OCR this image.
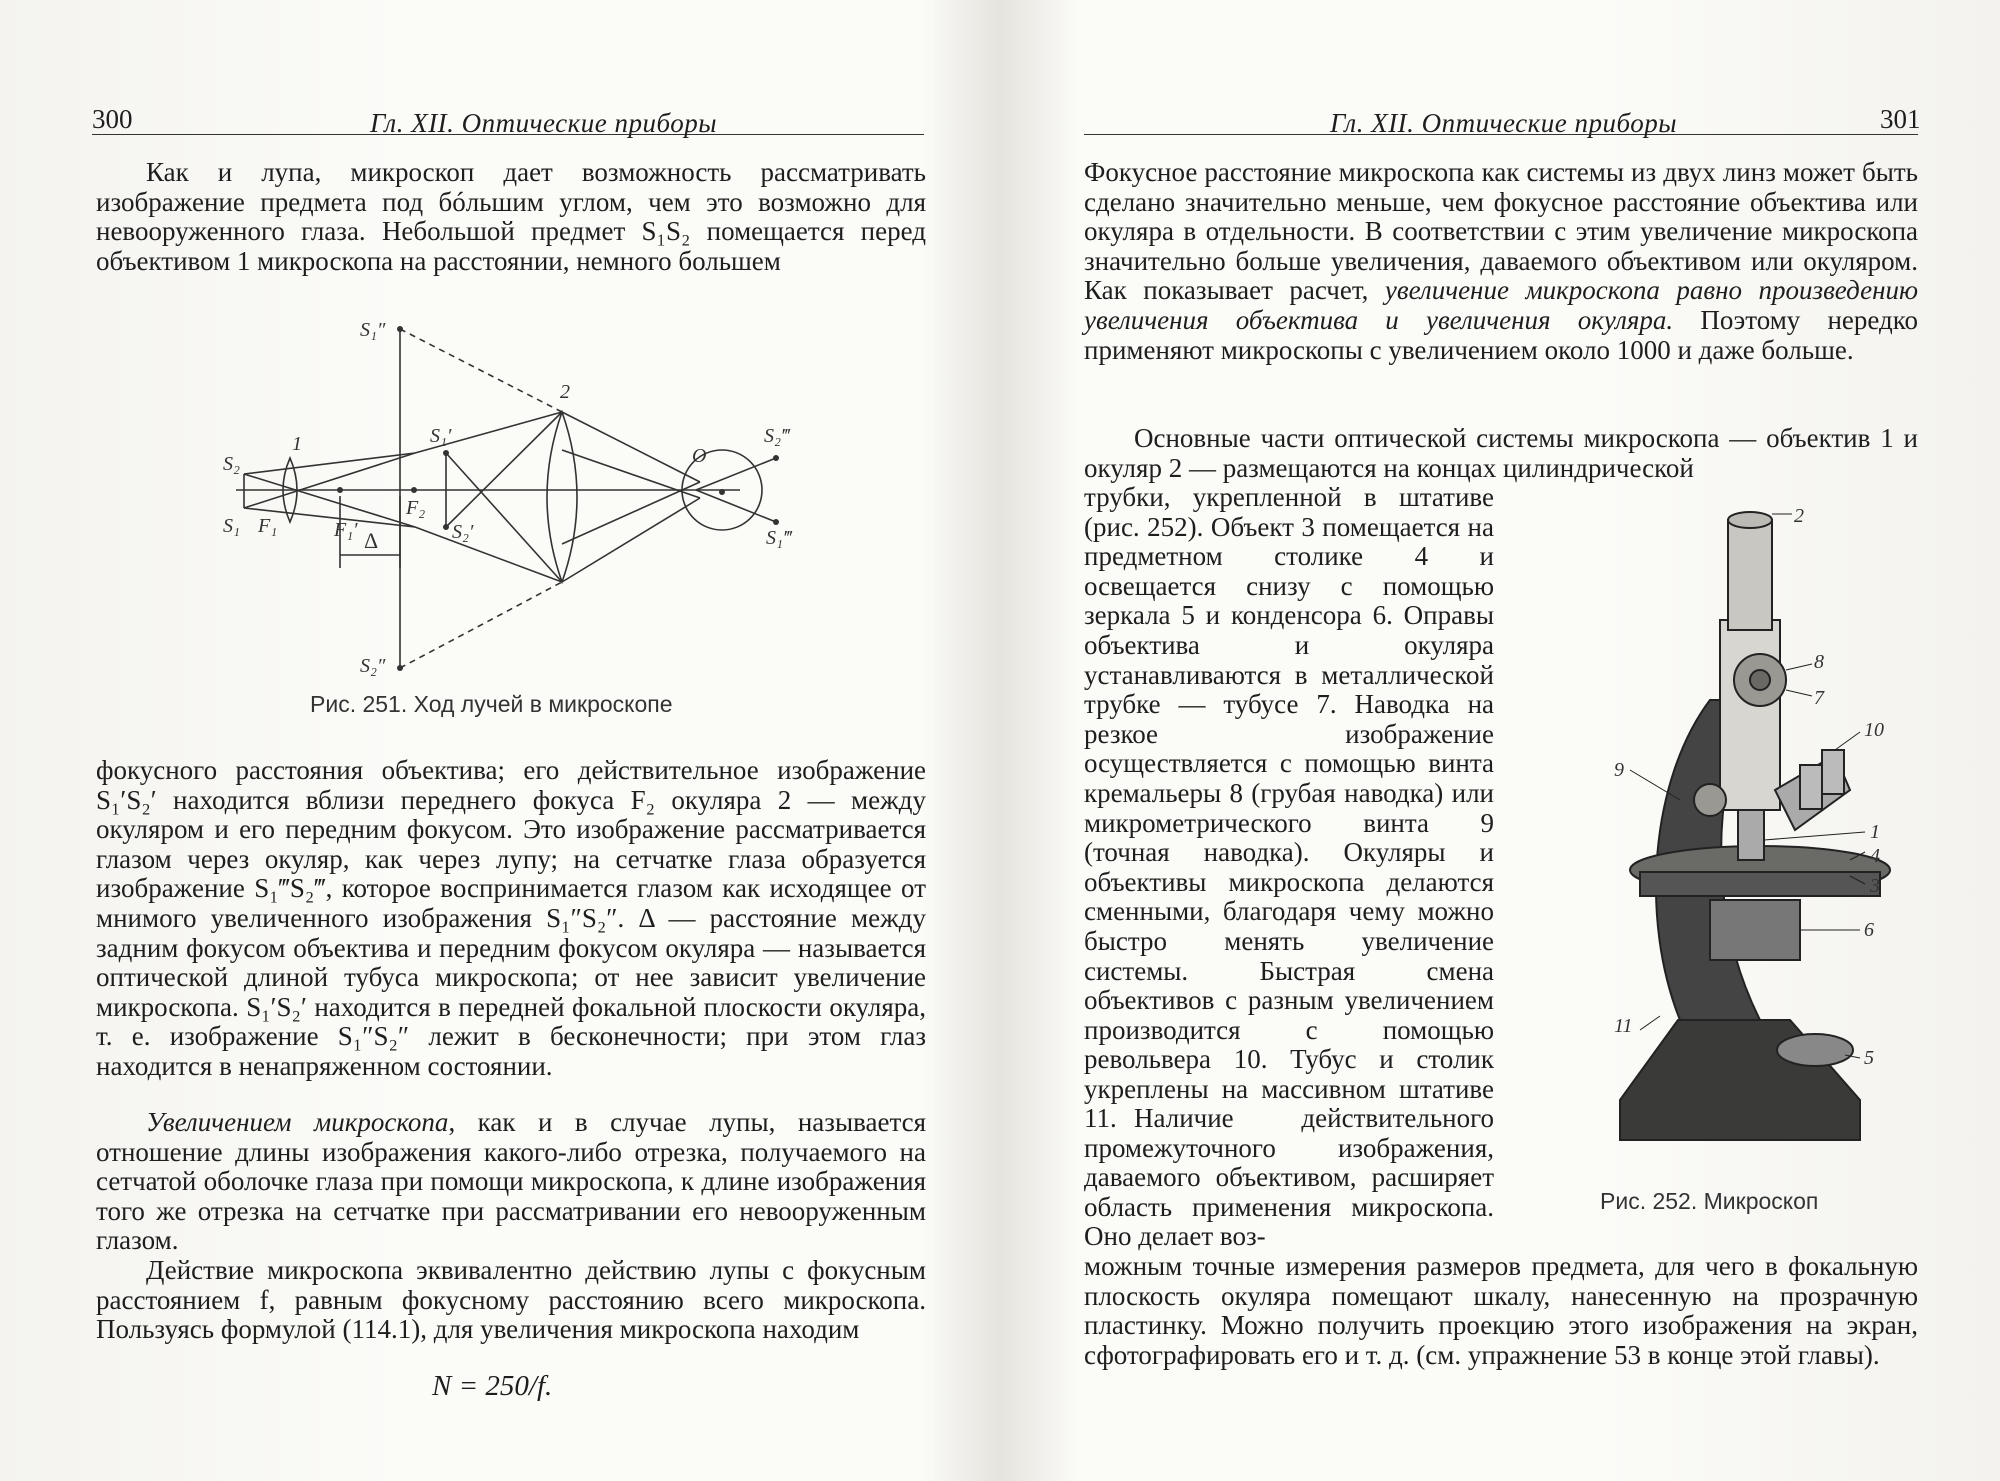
300	Гл. XII. Оптические приборы
Как и лупа, микроскоп дает возможность рассматривать изображение предмета под бóльшим углом, чем это возможно для невооруженного глаза. Небольшой предмет S₁S₂ помещается перед объективом 1 микроскопа на расстоянии, немного большем
S₁″
S₁′
S₂′
S₂″
S₂
S₁ F₁	F₁′ Δ
F₂
1
2
O
S₂‴
S₁‴
Рис. 251. Ход лучей в микроскопе
фокусного расстояния объектива; его действительное изображение S₁′S₂′ находится вблизи переднего фокуса F₂ окуляра 2 — между окуляром и его передним фокусом. Это изображение рассматривается глазом через окуляр, как через лупу; на сетчатке глаза образуется изображение S₁‴S₂‴, которое воспринимается глазом как исходящее от мнимого увеличенного изображения S₁″S₂″. Δ — расстояние между задним фокусом объектива и передним фокусом окуляра — называется оптической длиной тубуса микроскопа; от нее зависит увеличение микроскопа. S₁′S₂′ находится в передней фокальной плоскости окуляра, т. е. изображение S₁″S₂″ лежит в бесконечности; при этом глаз находится в ненапряженном состоянии.
Увеличением микроскопа, как и в случае лупы, называется отношение длины изображения какого-либо отрезка, получаемого на сетчатой оболочке глаза при помощи микроскопа, к длине изображения того же отрезка на сетчатке при рассматривании его невооруженным глазом.
Действие микроскопа эквивалентно действию лупы с фокусным расстоянием f, равным фокусному расстоянию всего микроскопа. Пользуясь формулой (114.1), для увеличения микроскопа находим
N = 250/f.
Гл. XII. Оптические приборы	301
Фокусное расстояние микроскопа как системы из двух линз может быть сделано значительно меньше, чем фокусное расстояние объектива или окуляра в отдельности. В соответствии с этим увеличение микроскопа значительно больше увеличения, даваемого объективом или окуляром. Как показывает расчет, увеличение микроскопа равно произведению увеличения объектива и увеличения окуляра. Поэтому нередко применяют микроскопы с увеличением около 1000 и даже больше.
Основные части оптической системы микроскопа — объектив 1 и окуляр 2 — размещаются на концах цилиндрической
трубки, укрепленной в штативе (рис. 252). Объект 3 помещается на предметном столике 4 и освещается снизу с помощью зеркала 5 и конденсора 6. Оправы объектива и окуляра устанавливаются в металлической трубке — тубусе 7. Наводка на резкое изображение осуществляется с помощью винта кремальеры 8 (грубая наводка) или микрометрического винта 9 (точная наводка). Окуляры и объективы микроскопа делаются сменными, благодаря чему можно быстро менять увеличение системы. Быстрая смена объективов с разным увеличением производится с помощью револьвера 10. Тубус и столик укреплены на массивном штативе 11. Наличие действительного промежуточного изображения, даваемого объективом, расширяет область применения микроскопа. Оно делает воз-
можным точные измерения размеров предмета, для чего в фокальную плоскость окуляра помещают шкалу, нанесенную на прозрачную пластинку. Можно получить проекцию этого изображения на экран, сфотографировать его и т. д. (см. упражнение 53 в конце этой главы).
2
8
7
10
9
1
4
3
6
11
5
Рис. 252. Микроскоп
